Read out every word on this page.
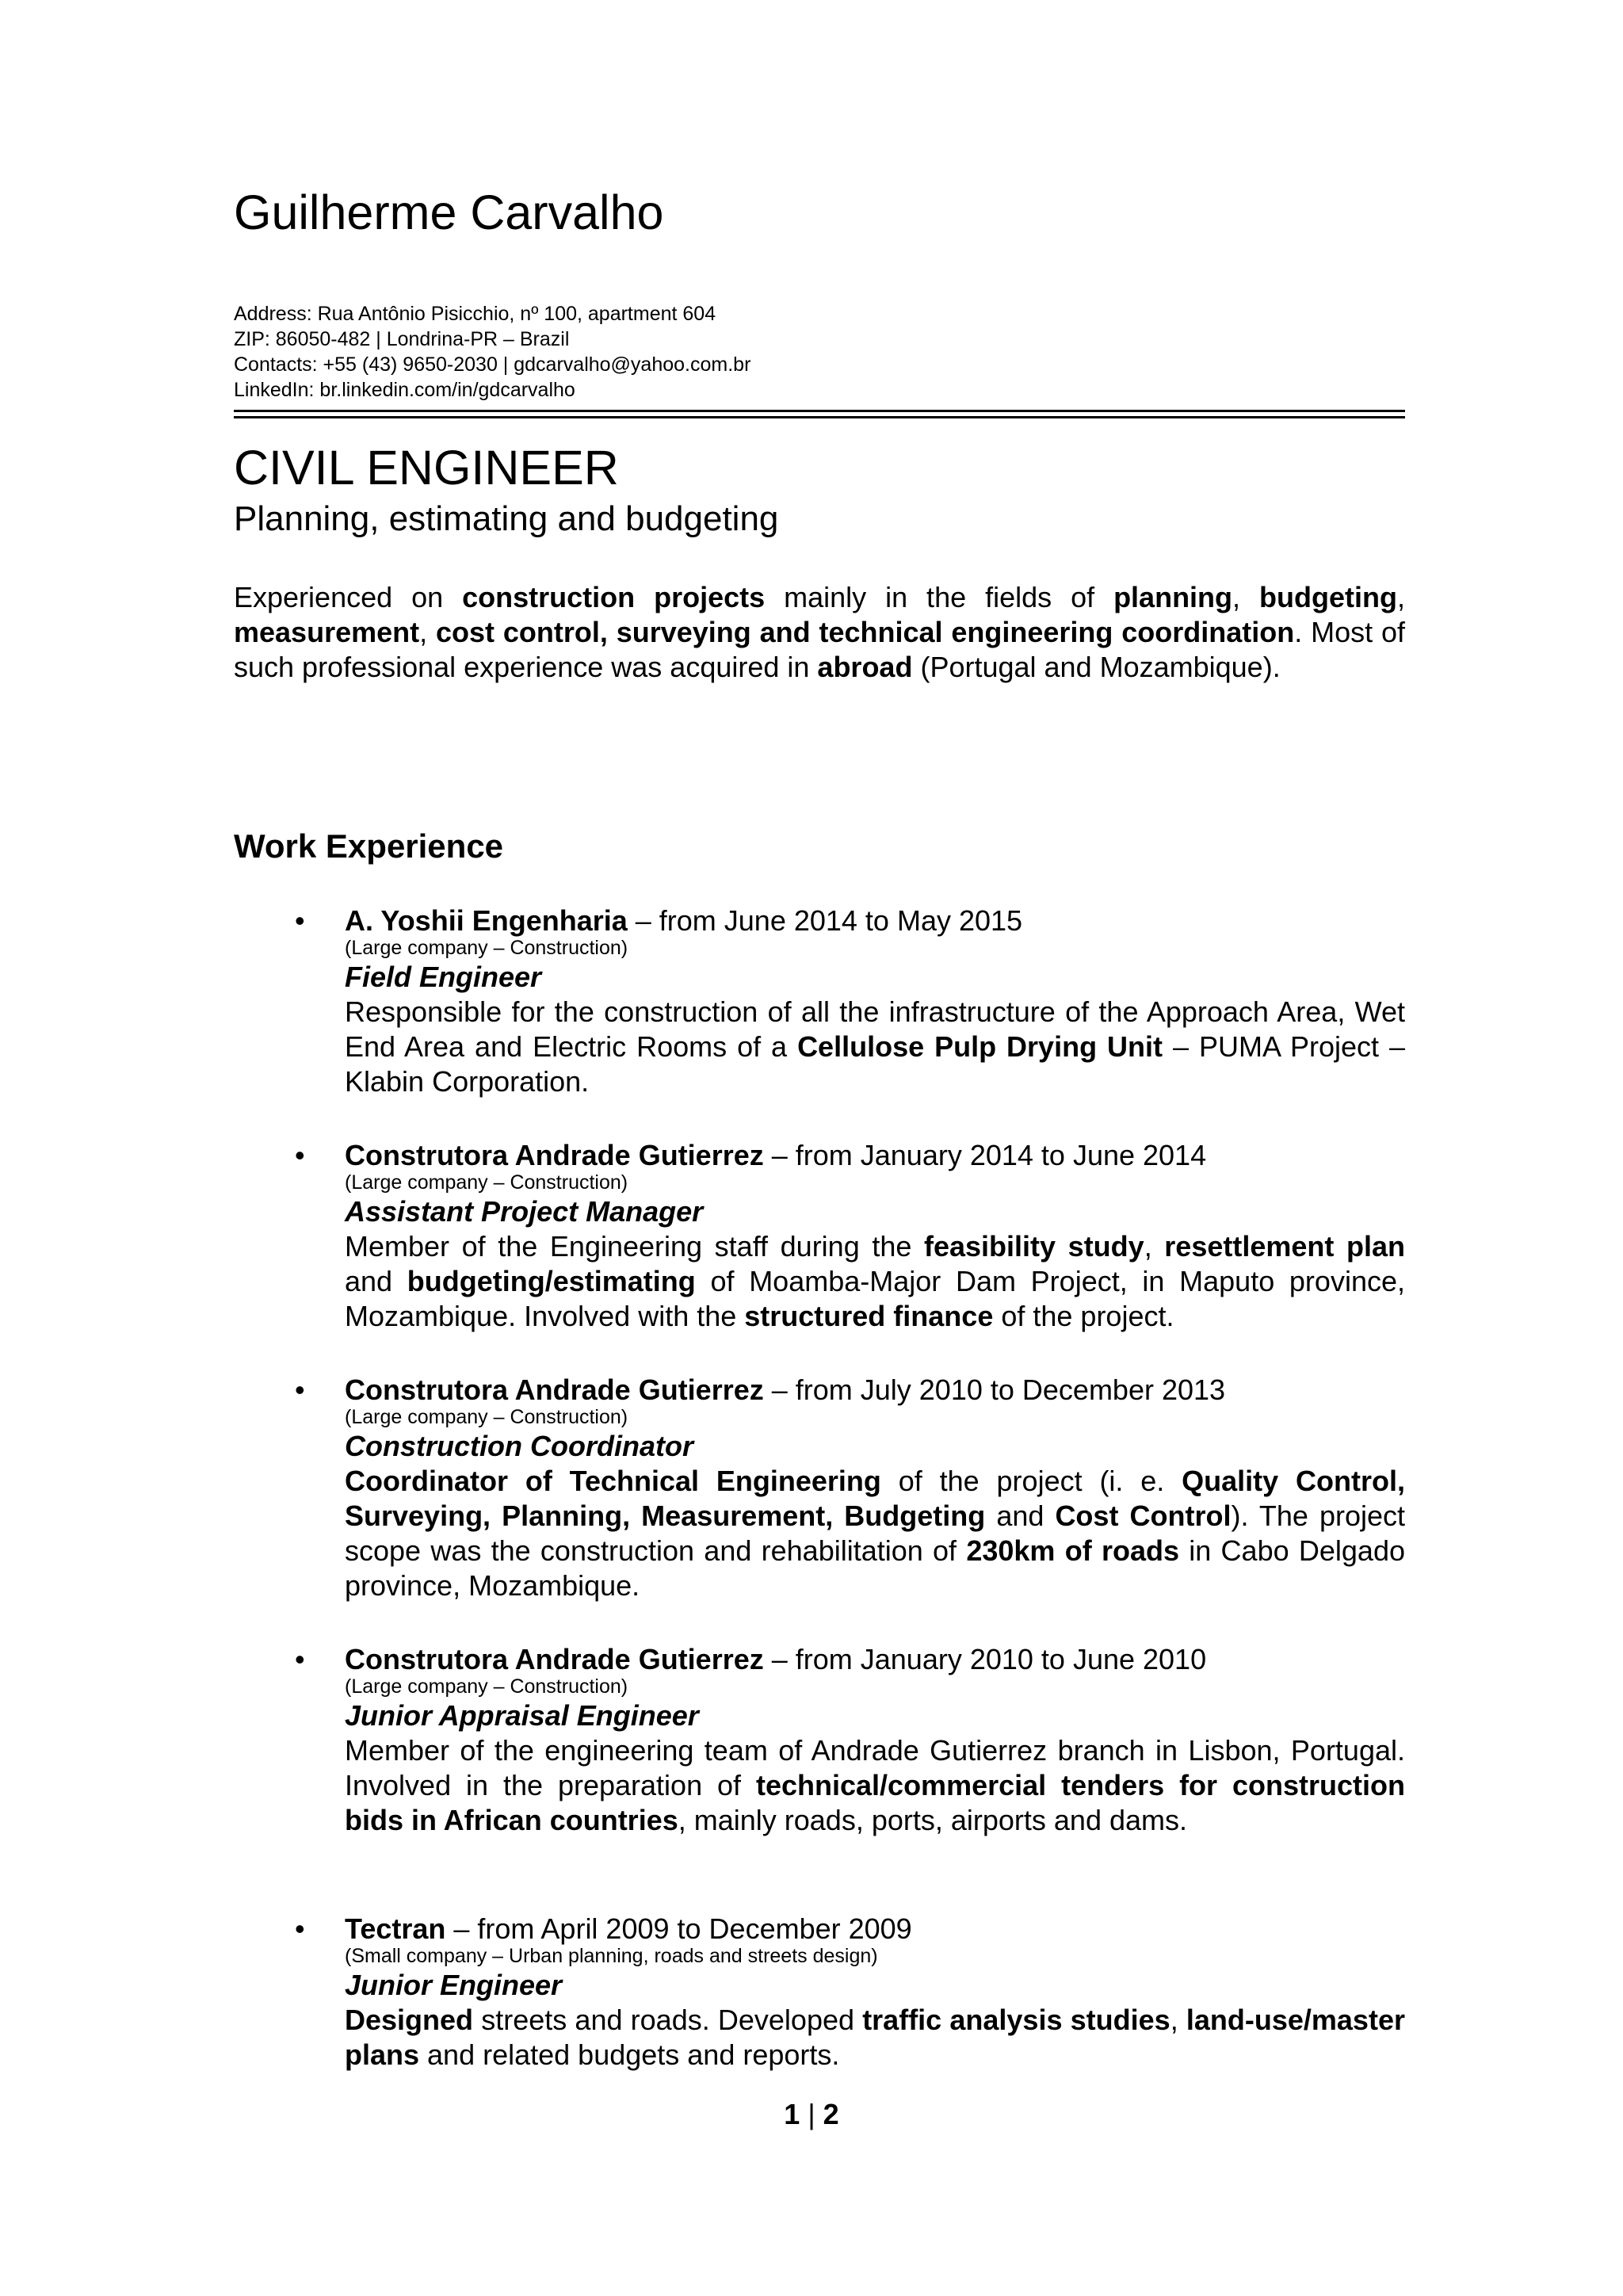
Guilherme Carvalho
Address: Rua Antônio Pisicchio, nº 100, apartment 604
ZIP: 86050-482 | Londrina-PR – Brazil
Contacts: +55 (43) 9650-2030 | gdcarvalho@yahoo.com.br
LinkedIn: br.linkedin.com/in/gdcarvalho
CIVIL ENGINEER
Planning, estimating and budgeting
Experienced on construction projects mainly in the fields of planning, budgeting, measurement, cost control, surveying and technical engineering coordination. Most of such professional experience was acquired in abroad (Portugal and Mozambique).
Work Experience
• A. Yoshii Engenharia – from June 2014 to May 2015
(Large company – Construction)
Field Engineer
Responsible for the construction of all the infrastructure of the Approach Area, Wet End Area and Electric Rooms of a Cellulose Pulp Drying Unit – PUMA Project – Klabin Corporation.
• Construtora Andrade Gutierrez – from January 2014 to June 2014
(Large company – Construction)
Assistant Project Manager
Member of the Engineering staff during the feasibility study, resettlement plan and budgeting/estimating of Moamba-Major Dam Project, in Maputo province, Mozambique. Involved with the structured finance of the project.
• Construtora Andrade Gutierrez – from July 2010 to December 2013
(Large company – Construction)
Construction Coordinator
Coordinator of Technical Engineering of the project (i. e. Quality Control, Surveying, Planning, Measurement, Budgeting and Cost Control). The project scope was the construction and rehabilitation of 230km of roads in Cabo Delgado province, Mozambique.
• Construtora Andrade Gutierrez – from January 2010 to June 2010
(Large company – Construction)
Junior Appraisal Engineer
Member of the engineering team of Andrade Gutierrez branch in Lisbon, Portugal. Involved in the preparation of technical/commercial tenders for construction bids in African countries, mainly roads, ports, airports and dams.
• Tectran – from April 2009 to December 2009
(Small company – Urban planning, roads and streets design)
Junior Engineer
Designed streets and roads. Developed traffic analysis studies, land-use/master plans and related budgets and reports.
1 | 2
